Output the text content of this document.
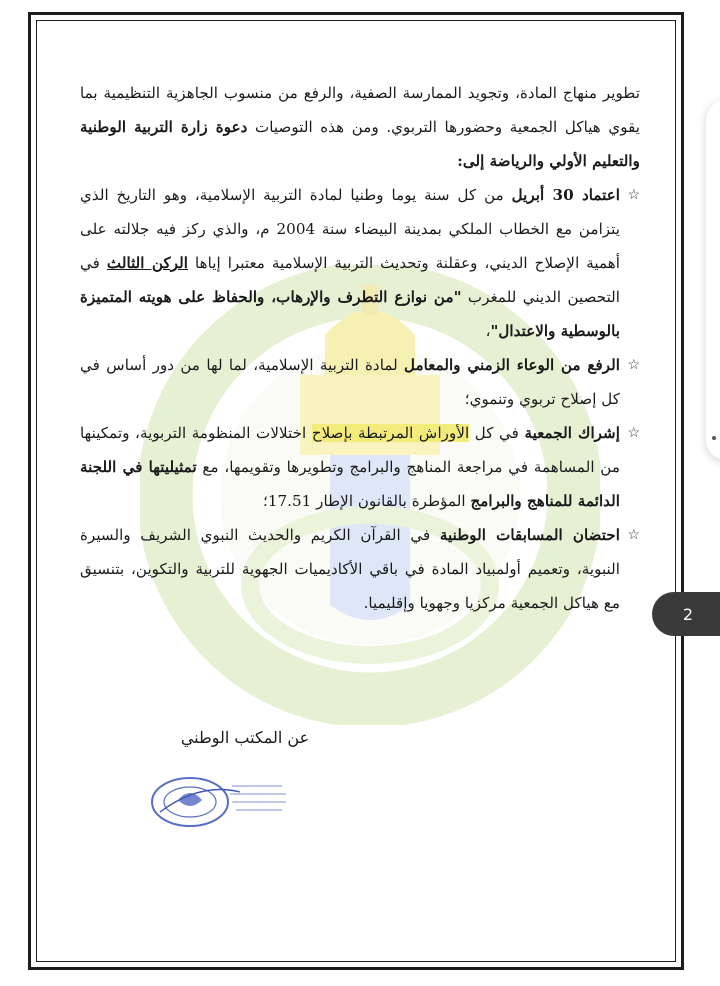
تطوير منهاج المادة، وتجويد الممارسة الصفية، والرفع من منسوب الجاهزية التنظيمية بما يقوي هياكل الجمعية وحضورها التربوي. ومن هذه التوصيات دعوة زارة التربية الوطنية والتعليم الأولي والرياضة إلى:

☆
اعتماد 30 أبريل من كل سنة يوما وطنيا لمادة التربية الإسلامية، وهو التاريخ الذي يتزامن مع الخطاب الملكي بمدينة البيضاء سنة 2004 م، والذي ركز فيه جلالته على أهمية الإصلاح الديني، وعقلنة وتحديث التربية الإسلامية معتبرا إياها الركن الثالث في التحصين الديني للمغرب "من نوازع التطرف والإرهاب، والحفاظ على هويته المتميزة بالوسطية والاعتدال"،
☆
الرفع من الوعاء الزمني والمعامل لمادة التربية الإسلامية، لما لها من دور أساس في كل إصلاح تربوي وتنموي؛
☆
إشراك الجمعية في كل الأوراش المرتبطة بإصلاح اختلالات المنظومة التربوية، وتمكينها من المساهمة في مراجعة المناهج والبرامج وتطويرها وتقويمها، مع تمثيليتها في اللجنة الدائمة للمناهج والبرامج المؤطرة بالقانون الإطار 17.51؛
☆
احتضان المسابقات الوطنية في القرآن الكريم والحديث النبوي الشريف والسيرة النبوية، وتعميم أولمبياد المادة في باقي الأكاديميات الجهوية للتربية والتكوين، بتنسيق مع هياكل الجمعية مركزيا وجهويا وإقليميا.
عن المكتب الوطني
2
